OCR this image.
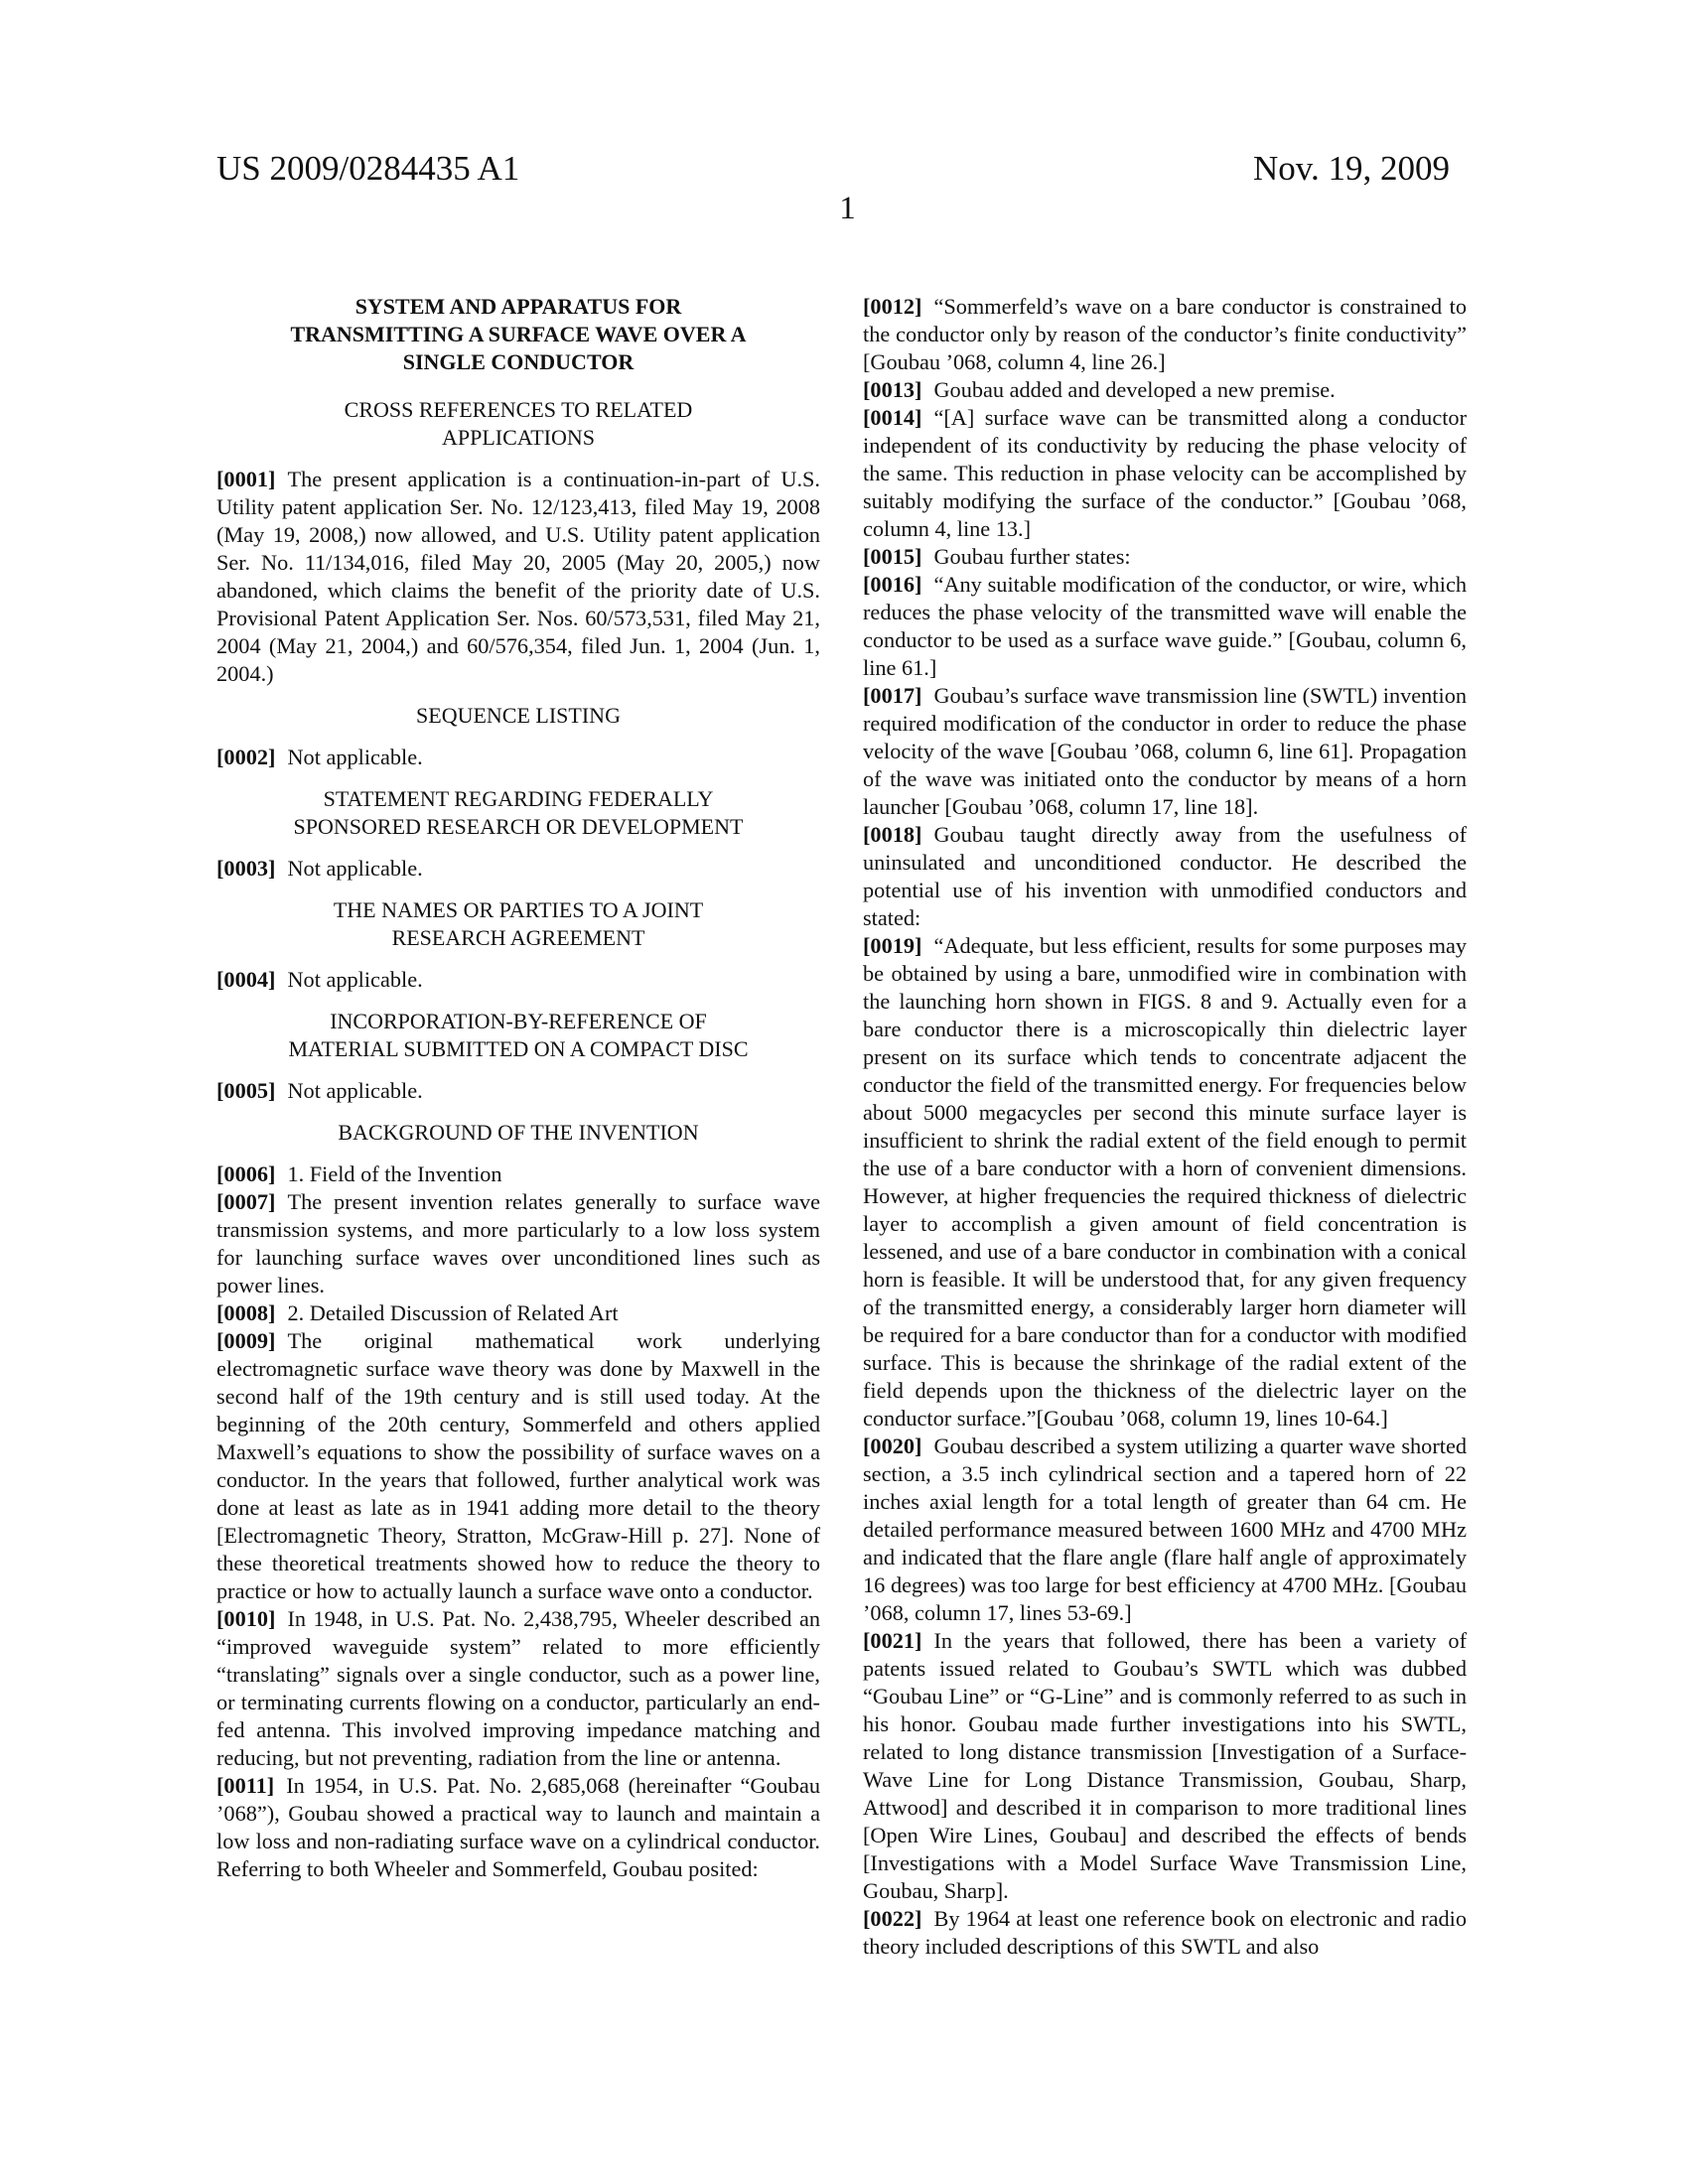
US 2009/0284435 A1	Nov. 19, 2009
1
SYSTEM AND APPARATUS FOR
TRANSMITTING A SURFACE WAVE OVER A
SINGLE CONDUCTOR
CROSS REFERENCES TO RELATED
APPLICATIONS

[0001] The present application is a continuation-in-part of U.S. Utility patent application Ser. No. 12/123,413, filed May 19, 2008 (May 19, 2008,) now allowed, and U.S. Utility patent application Ser. No. 11/134,016, filed May 20, 2005 (May 20, 2005,) now abandoned, which claims the benefit of the priority date of U.S. Provisional Patent Application Ser. Nos. 60/573,531, filed May 21, 2004 (May 21, 2004,) and 60/576,354, filed Jun. 1, 2004 (Jun. 1, 2004.)

SEQUENCE LISTING

[0002] Not applicable.

STATEMENT REGARDING FEDERALLY
SPONSORED RESEARCH OR DEVELOPMENT

[0003] Not applicable.

THE NAMES OR PARTIES TO A JOINT
RESEARCH AGREEMENT

[0004] Not applicable.

INCORPORATION-BY-REFERENCE OF
MATERIAL SUBMITTED ON A COMPACT DISC

[0005] Not applicable.

BACKGROUND OF THE INVENTION

[0006] 1. Field of the Invention

[0007] The present invention relates generally to surface wave transmission systems, and more particularly to a low loss system for launching surface waves over unconditioned lines such as power lines.

[0008] 2. Detailed Discussion of Related Art

[0009] The original mathematical work underlying electromagnetic surface wave theory was done by Maxwell in the second half of the 19th century and is still used today. At the beginning of the 20th century, Sommerfeld and others applied Maxwell’s equations to show the possibility of surface waves on a conductor. In the years that followed, further analytical work was done at least as late as in 1941 adding more detail to the theory [Electromagnetic Theory, Stratton, McGraw-Hill p. 27]. None of these theoretical treatments showed how to reduce the theory to practice or how to actually launch a surface wave onto a conductor.

[0010] In 1948, in U.S. Pat. No. 2,438,795, Wheeler described an “improved waveguide system” related to more efficiently “translating” signals over a single conductor, such as a power line, or terminating currents flowing on a conductor, particularly an end-fed antenna. This involved improving impedance matching and reducing, but not preventing, radiation from the line or antenna.

[0011] In 1954, in U.S. Pat. No. 2,685,068 (hereinafter “Goubau ’068”), Goubau showed a practical way to launch and maintain a low loss and non-radiating surface wave on a cylindrical conductor. Referring to both Wheeler and Sommerfeld, Goubau posited:

[0012] “Sommerfeld’s wave on a bare conductor is constrained to the conductor only by reason of the conductor’s finite conductivity” [Goubau ’068, column 4, line 26.]

[0013] Goubau added and developed a new premise.

[0014] “[A] surface wave can be transmitted along a conductor independent of its conductivity by reducing the phase velocity of the same. This reduction in phase velocity can be accomplished by suitably modifying the surface of the conductor.” [Goubau ’068, column 4, line 13.]

[0015] Goubau further states:

[0016] “Any suitable modification of the conductor, or wire, which reduces the phase velocity of the transmitted wave will enable the conductor to be used as a surface wave guide.” [Goubau, column 6, line 61.]

[0017] Goubau’s surface wave transmission line (SWTL) invention required modification of the conductor in order to reduce the phase velocity of the wave [Goubau ’068, column 6, line 61]. Propagation of the wave was initiated onto the conductor by means of a horn launcher [Goubau ’068, column 17, line 18].

[0018] Goubau taught directly away from the usefulness of uninsulated and unconditioned conductor. He described the potential use of his invention with unmodified conductors and stated:

[0019] “Adequate, but less efficient, results for some purposes may be obtained by using a bare, unmodified wire in combination with the launching horn shown in FIGS. 8 and 9. Actually even for a bare conductor there is a microscopically thin dielectric layer present on its surface which tends to concentrate adjacent the conductor the field of the transmitted energy. For frequencies below about 5000 megacycles per second this minute surface layer is insufficient to shrink the radial extent of the field enough to permit the use of a bare conductor with a horn of convenient dimensions. However, at higher frequencies the required thickness of dielectric layer to accomplish a given amount of field concentration is lessened, and use of a bare conductor in combination with a conical horn is feasible. It will be understood that, for any given frequency of the transmitted energy, a considerably larger horn diameter will be required for a bare conductor than for a conductor with modified surface. This is because the shrinkage of the radial extent of the field depends upon the thickness of the dielectric layer on the conductor surface.”[Goubau ’068, column 19, lines 10-64.]

[0020] Goubau described a system utilizing a quarter wave shorted section, a 3.5 inch cylindrical section and a tapered horn of 22 inches axial length for a total length of greater than 64 cm. He detailed performance measured between 1600 MHz and 4700 MHz and indicated that the flare angle (flare half angle of approximately 16 degrees) was too large for best efficiency at 4700 MHz. [Goubau ’068, column 17, lines 53-69.]

[0021] In the years that followed, there has been a variety of patents issued related to Goubau’s SWTL which was dubbed “Goubau Line” or “G-Line” and is commonly referred to as such in his honor. Goubau made further investigations into his SWTL, related to long distance transmission [Investigation of a Surface-Wave Line for Long Distance Transmission, Goubau, Sharp, Attwood] and described it in comparison to more traditional lines [Open Wire Lines, Goubau] and described the effects of bends [Investigations with a Model Surface Wave Transmission Line, Goubau, Sharp].

[0022] By 1964 at least one reference book on electronic and radio theory included descriptions of this SWTL and also
